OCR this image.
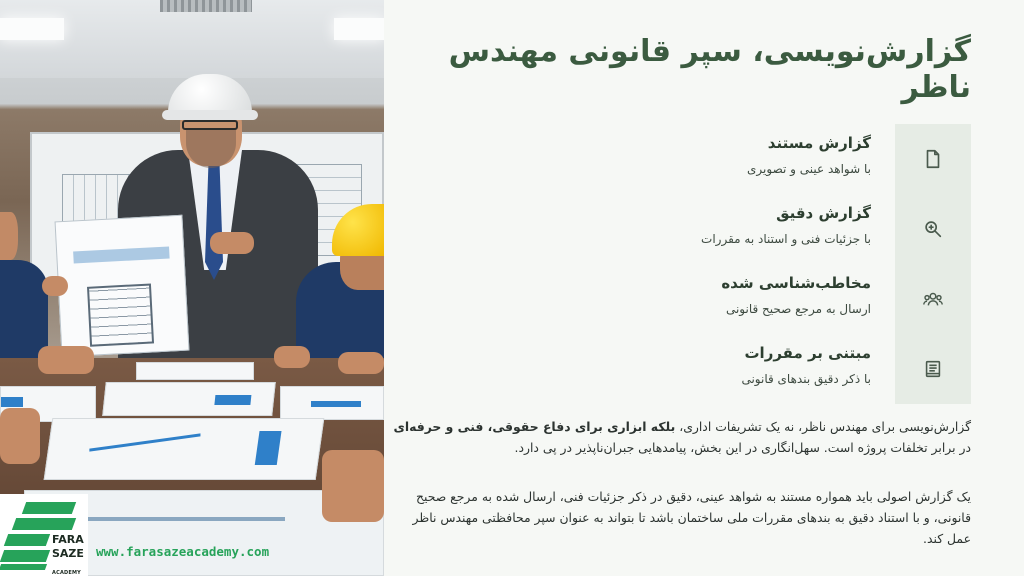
FARA
SAZE
ACADEMY
www.farasazeacademy.com
گزارش‌نویسی، سپر قانونی مهندس ناظر
گزارش مستند
با شواهد عینی و تصویری
گزارش دقیق
با جزئیات فنی و استناد به مقررات
مخاطب‌شناسی شده
ارسال به مرجع صحیح قانونی
مبتنی بر مقررات
با ذکر دقیق بندهای قانونی

گزارش‌نویسی برای مهندس ناظر، نه یک تشریفات اداری، بلکه ابزاری برای دفاع حقوقی، فنی و حرفه‌ای در برابر تخلفات پروژه است. سهل‌انگاری در این بخش، پیامدهایی جبران‌ناپذیر در پی دارد.

یک گزارش اصولی باید همواره مستند به شواهد عینی، دقیق در ذکر جزئیات فنی، ارسال شده به مرجع صحیح قانونی، و با استناد دقیق به بندهای مقررات ملی ساختمان باشد تا بتواند به عنوان سپر محافظتی مهندس ناظر عمل کند.
